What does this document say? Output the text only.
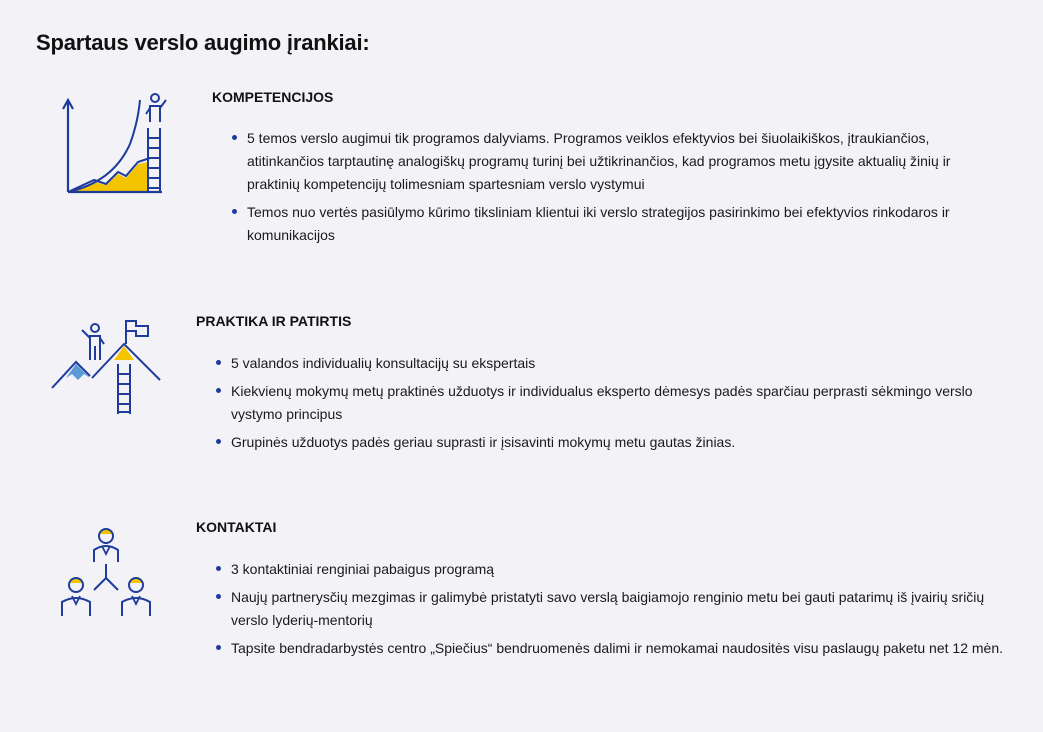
Spartaus verslo augimo įrankiai:
KOMPETENCIJOS
5 temos verslo augimui tik programos dalyviams. Programos veiklos efektyvios bei šiuolaikiškos, įtraukiančios, atitinkančios tarptautinę analogiškų programų turinį bei užtikrinančios, kad programos metu įgysite aktualių žinių ir praktinių kompetencijų tolimesniam spartesniam verslo vystymui
Temos nuo vertės pasiūlymo kūrimo tiksliniam klientui iki verslo strategijos pasirinkimo bei efektyvios rinkodaros ir komunikacijos
PRAKTIKA IR PATIRTIS
5 valandos individualių konsultacijų su ekspertais
Kiekvienų mokymų metų praktinės užduotys ir individualus eksperto dėmesys padės sparčiau perprasti sėkmingo verslo vystymo principus
Grupinės užduotys padės geriau suprasti ir įsisavinti mokymų metu gautas žinias.
KONTAKTAI
3 kontaktiniai renginiai pabaigus programą
Naujų partnerysčių mezgimas ir galimybė pristatyti savo verslą baigiamojo renginio metu bei gauti patarimų iš įvairių sričių verslo lyderių-mentorių
Tapsite bendradarbystės centro „Spiečius“ bendruomenės dalimi ir nemokamai naudositės visu paslaugų paketu net 12 mėn.
